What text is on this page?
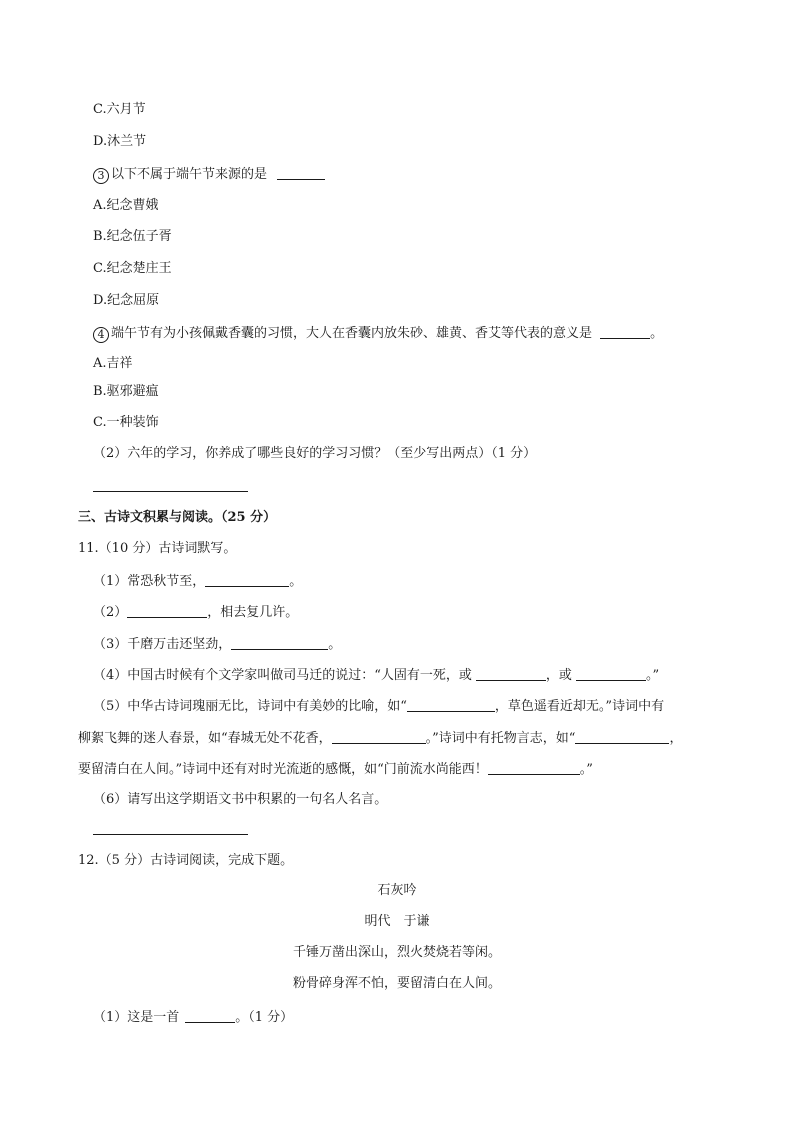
C.六月节
D.沐兰节
3 以下不属于端午节来源的是
A.纪念曹娥
B.纪念伍子胥
C.纪念楚庄王
D.纪念屈原
4 端午节有为小孩佩戴香囊的习惯，大人在香囊内放朱砂、雄黄、香艾等代表的意义是	。
A.吉祥
B.驱邪避瘟
C.一种装饰
（2）六年的学习，你养成了哪些良好的学习习惯？（至少写出两点）（1 分）
三、古诗文积累与阅读。（25 分）
11.（10 分）古诗词默写。
（1）常恐秋节至，	。
（2）	，相去复几许。
（3）千磨万击还坚劲，	。
（4）中国古时候有个文学家叫做司马迁的说过：“人固有一死，或	，或	。”
（5）中华古诗词瑰丽无比，诗词中有美妙的比喻，如“	，草色遥看近却无。”诗词中有
柳絮飞舞的迷人春景，如“春城无处不花香，	。”诗词中有托物言志，如“	，
要留清白在人间。”诗词中还有对时光流逝的感慨，如“门前流水尚能西！	。”
（6）请写出这学期语文书中积累的一句名人名言。
12.（5 分）古诗词阅读，完成下题。
石灰吟
明代　于谦
千锤万凿出深山，烈火焚烧若等闲。
粉骨碎身浑不怕，要留清白在人间。
（1）这是一首	。（1 分）
